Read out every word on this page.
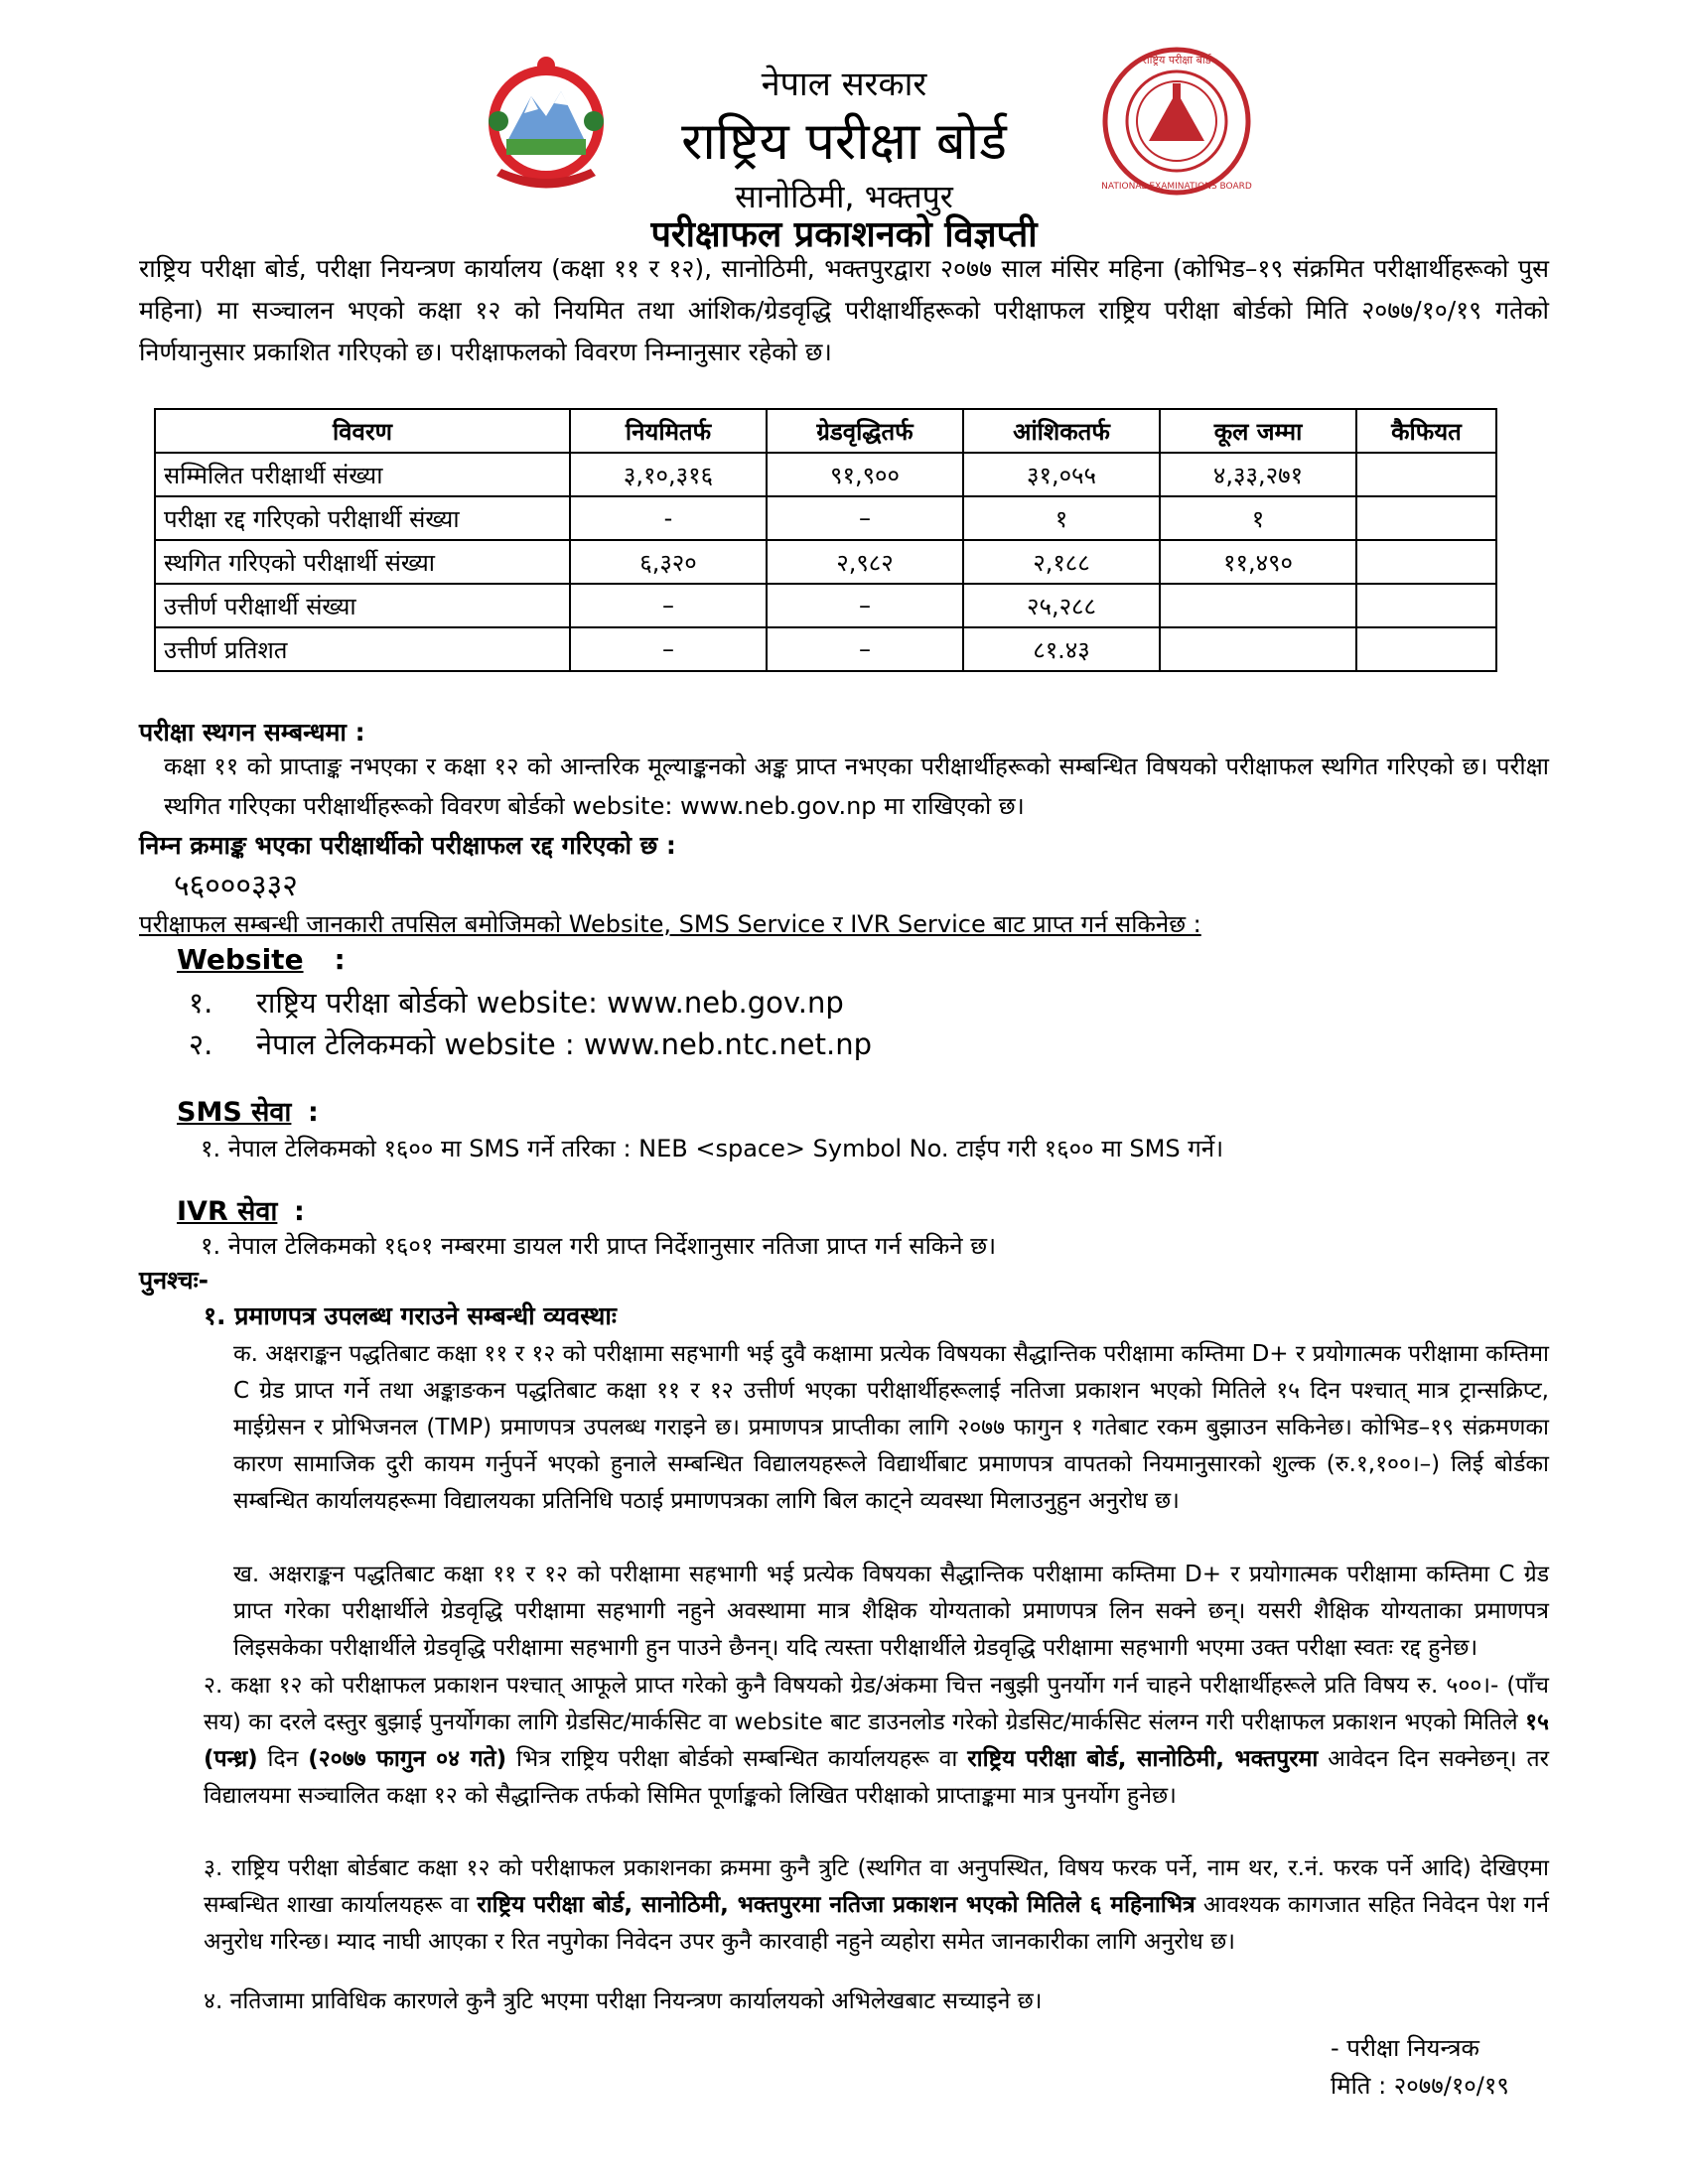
राष्ट्रिय परीक्षा बोर्ड
NATIONAL EXAMINATIONS BOARD
नेपाल सरकार
राष्ट्रिय परीक्षा बोर्ड
सानोठिमी, भक्तपुर
परीक्षाफल प्रकाशनको विज्ञप्ती
राष्ट्रिय परीक्षा बोर्ड, परीक्षा नियन्त्रण कार्यालय (कक्षा ११ र १२), सानोठिमी, भक्तपुरद्वारा २०७७ साल मंसिर महिना (कोभिड–१९ संक्रमित परीक्षार्थीहरूको पुस महिना) मा सञ्चालन भएको कक्षा १२ को नियमित तथा आंशिक/ग्रेडवृद्धि परीक्षार्थीहरूको परीक्षाफल राष्ट्रिय परीक्षा बोर्डको मिति २०७७/१०/१९ गतेको निर्णयानुसार प्रकाशित गरिएको छ। परीक्षाफलको विवरण निम्नानुसार रहेको छ।
विवरण	नियमितर्फ	ग्रेडवृद्धितर्फ	आंशिकतर्फ	कूल जम्मा	कैफियत
सम्मिलित परीक्षार्थी संख्या	३,१०,३१६	९१,९००	३१,०५५	४,३३,२७१	
परीक्षा रद्द गरिएको परीक्षार्थी संख्या	-	–	१	१	
स्थगित गरिएको परीक्षार्थी संख्या	६,३२०	२,९८२	२,१८८	११,४९०	
उत्तीर्ण परीक्षार्थी संख्या	–	–	२५,२८८		
उत्तीर्ण प्रतिशत	–	–	८१.४३		
परीक्षा स्थगन सम्बन्धमा :
कक्षा ११ को प्राप्ताङ्क नभएका र कक्षा १२ को आन्तरिक मूल्याङ्कनको अङ्क प्राप्त नभएका परीक्षार्थीहरूको सम्बन्धित विषयको परीक्षाफल स्थगित गरिएको छ। परीक्षा स्थगित गरिएका परीक्षार्थीहरूको विवरण बोर्डको website: www.neb.gov.np मा राखिएको छ।
निम्न क्रमाङ्क भएका परीक्षार्थीको परीक्षाफल रद्द गरिएको छ :
५६०००३३२
परीक्षाफल सम्बन्धी जानकारी तपसिल बमोजिमको Website, SMS Service र IVR Service बाट प्राप्त गर्न सकिनेछ :
Website :
१. राष्ट्रिय परीक्षा बोर्डको website: www.neb.gov.np
२. नेपाल टेलिकमको website : www.neb.ntc.net.np
SMS सेवा :
१. नेपाल टेलिकमको १६०० मा SMS गर्ने तरिका : NEB <space> Symbol No. टाईप गरी १६०० मा SMS गर्ने।
IVR सेवा :
१. नेपाल टेलिकमको १६०१ नम्बरमा डायल गरी प्राप्त निर्देशानुसार नतिजा प्राप्त गर्न सकिने छ।
पुनश्चः-
१. प्रमाणपत्र उपलब्ध गराउने सम्बन्धी व्यवस्थाः
क. अक्षराङ्कन पद्धतिबाट कक्षा ११ र १२ को परीक्षामा सहभागी भई दुवै कक्षामा प्रत्येक विषयका सैद्धान्तिक परीक्षामा कम्तिमा D+ र प्रयोगात्मक परीक्षामा कम्तिमा C ग्रेड प्राप्त गर्ने तथा अङ्काङकन पद्धतिबाट कक्षा ११ र १२ उत्तीर्ण भएका परीक्षार्थीहरूलाई नतिजा प्रकाशन भएको मितिले १५ दिन पश्चात् मात्र ट्रान्सक्रिप्ट, माईग्रेसन र प्रोभिजनल (TMP) प्रमाणपत्र उपलब्ध गराइने छ। प्रमाणपत्र प्राप्तीका लागि २०७७ फागुन १ गतेबाट रकम बुझाउन सकिनेछ। कोभिड–१९ संक्रमणका कारण सामाजिक दुरी कायम गर्नुपर्ने भएको हुनाले सम्बन्धित विद्यालयहरूले विद्यार्थीबाट प्रमाणपत्र वापतको नियमानुसारको शुल्क (रु.१,१००।–) लिई बोर्डका सम्बन्धित कार्यालयहरूमा विद्यालयका प्रतिनिधि पठाई प्रमाणपत्रका लागि बिल काट्ने व्यवस्था मिलाउनुहुन अनुरोध छ।
ख. अक्षराङ्कन पद्धतिबाट कक्षा ११ र १२ को परीक्षामा सहभागी भई प्रत्येक विषयका सैद्धान्तिक परीक्षामा कम्तिमा D+ र प्रयोगात्मक परीक्षामा कम्तिमा C ग्रेड प्राप्त गरेका परीक्षार्थीले ग्रेडवृद्धि परीक्षामा सहभागी नहुने अवस्थामा मात्र शैक्षिक योग्यताको प्रमाणपत्र लिन सक्ने छन्। यसरी शैक्षिक योग्यताका प्रमाणपत्र लिइसकेका परीक्षार्थीले ग्रेडवृद्धि परीक्षामा सहभागी हुन पाउने छैनन्। यदि त्यस्ता परीक्षार्थीले ग्रेडवृद्धि परीक्षामा सहभागी भएमा उक्त परीक्षा स्वतः रद्द हुनेछ।
२. कक्षा १२ को परीक्षाफल प्रकाशन पश्चात् आफूले प्राप्त गरेको कुनै विषयको ग्रेड/अंकमा चित्त नबुझी पुनर्योग गर्न चाहने परीक्षार्थीहरूले प्रति विषय रु. ५००।- (पाँच सय) का दरले दस्तुर बुझाई पुनर्योगका लागि ग्रेडसिट/मार्कसिट वा website बाट डाउनलोड गरेको ग्रेडसिट/मार्कसिट संलग्न गरी परीक्षाफल प्रकाशन भएको मितिले १५ (पन्ध्र) दिन (२०७७ फागुन ०४ गते) भित्र राष्ट्रिय परीक्षा बोर्डको सम्बन्धित कार्यालयहरू वा राष्ट्रिय परीक्षा बोर्ड, सानोठिमी, भक्तपुरमा आवेदन दिन सक्नेछन्। तर विद्यालयमा सञ्चालित कक्षा १२ को सैद्धान्तिक तर्फको सिमित पूर्णाङ्कको लिखित परीक्षाको प्राप्ताङ्कमा मात्र पुनर्योग हुनेछ।
३. राष्ट्रिय परीक्षा बोर्डबाट कक्षा १२ को परीक्षाफल प्रकाशनका क्रममा कुनै त्रुटि (स्थगित वा अनुपस्थित, विषय फरक पर्ने, नाम थर, र.नं. फरक पर्ने आदि) देखिएमा सम्बन्धित शाखा कार्यालयहरू वा राष्ट्रिय परीक्षा बोर्ड, सानोठिमी, भक्तपुरमा नतिजा प्रकाशन भएको मितिले ६ महिनाभित्र आवश्यक कागजात सहित निवेदन पेश गर्न अनुरोध गरिन्छ। म्याद नाघी आएका र रित नपुगेका निवेदन उपर कुनै कारवाही नहुने व्यहोरा समेत जानकारीका लागि अनुरोध छ।
४. नतिजामा प्राविधिक कारणले कुनै त्रुटि भएमा परीक्षा नियन्त्रण कार्यालयको अभिलेखबाट सच्याइने छ।
- परीक्षा नियन्त्रक
मिति : २०७७/१०/१९
